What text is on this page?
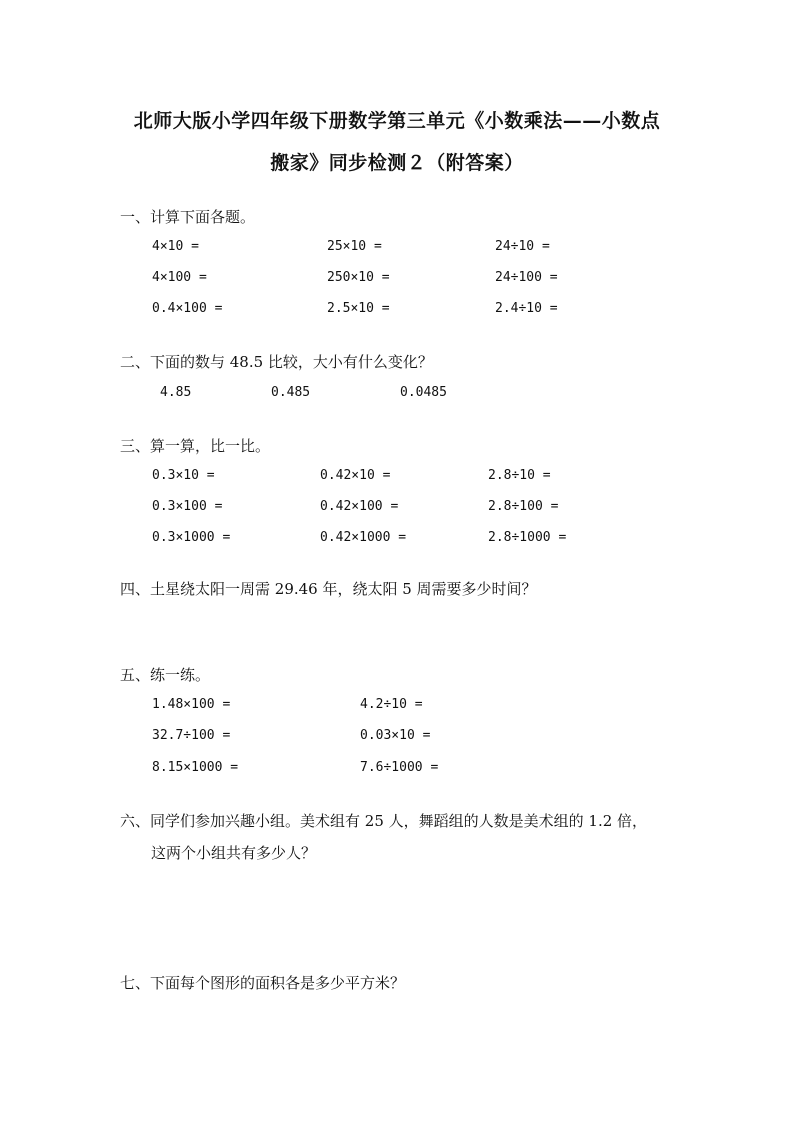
北师大版小学四年级下册数学第三单元《小数乘法——小数点
搬家》同步检测２（附答案）
一、计算下面各题。
4×10 =	25×10 =	24÷10 =
4×100 =	250×10 =	24÷100 =
0.4×100 =	2.5×10 =	2.4÷10 =
二、下面的数与 48.5 比较，大小有什么变化？
4.85	0.485	0.0485
三、算一算，比一比。
0.3×10 =	0.42×10 =	2.8÷10 =
0.3×100 =	0.42×100 =	2.8÷100 =
0.3×1000 =	0.42×1000 =	2.8÷1000 =
四、土星绕太阳一周需 29.46 年，绕太阳 5 周需要多少时间？
五、练一练。
1.48×100 =	4.2÷10 =
32.7÷100 =	0.03×10 =
8.15×1000 =	7.6÷1000 =
六、同学们参加兴趣小组。美术组有 25 人，舞蹈组的人数是美术组的 1.2 倍，
这两个小组共有多少人？
七、下面每个图形的面积各是多少平方米？
